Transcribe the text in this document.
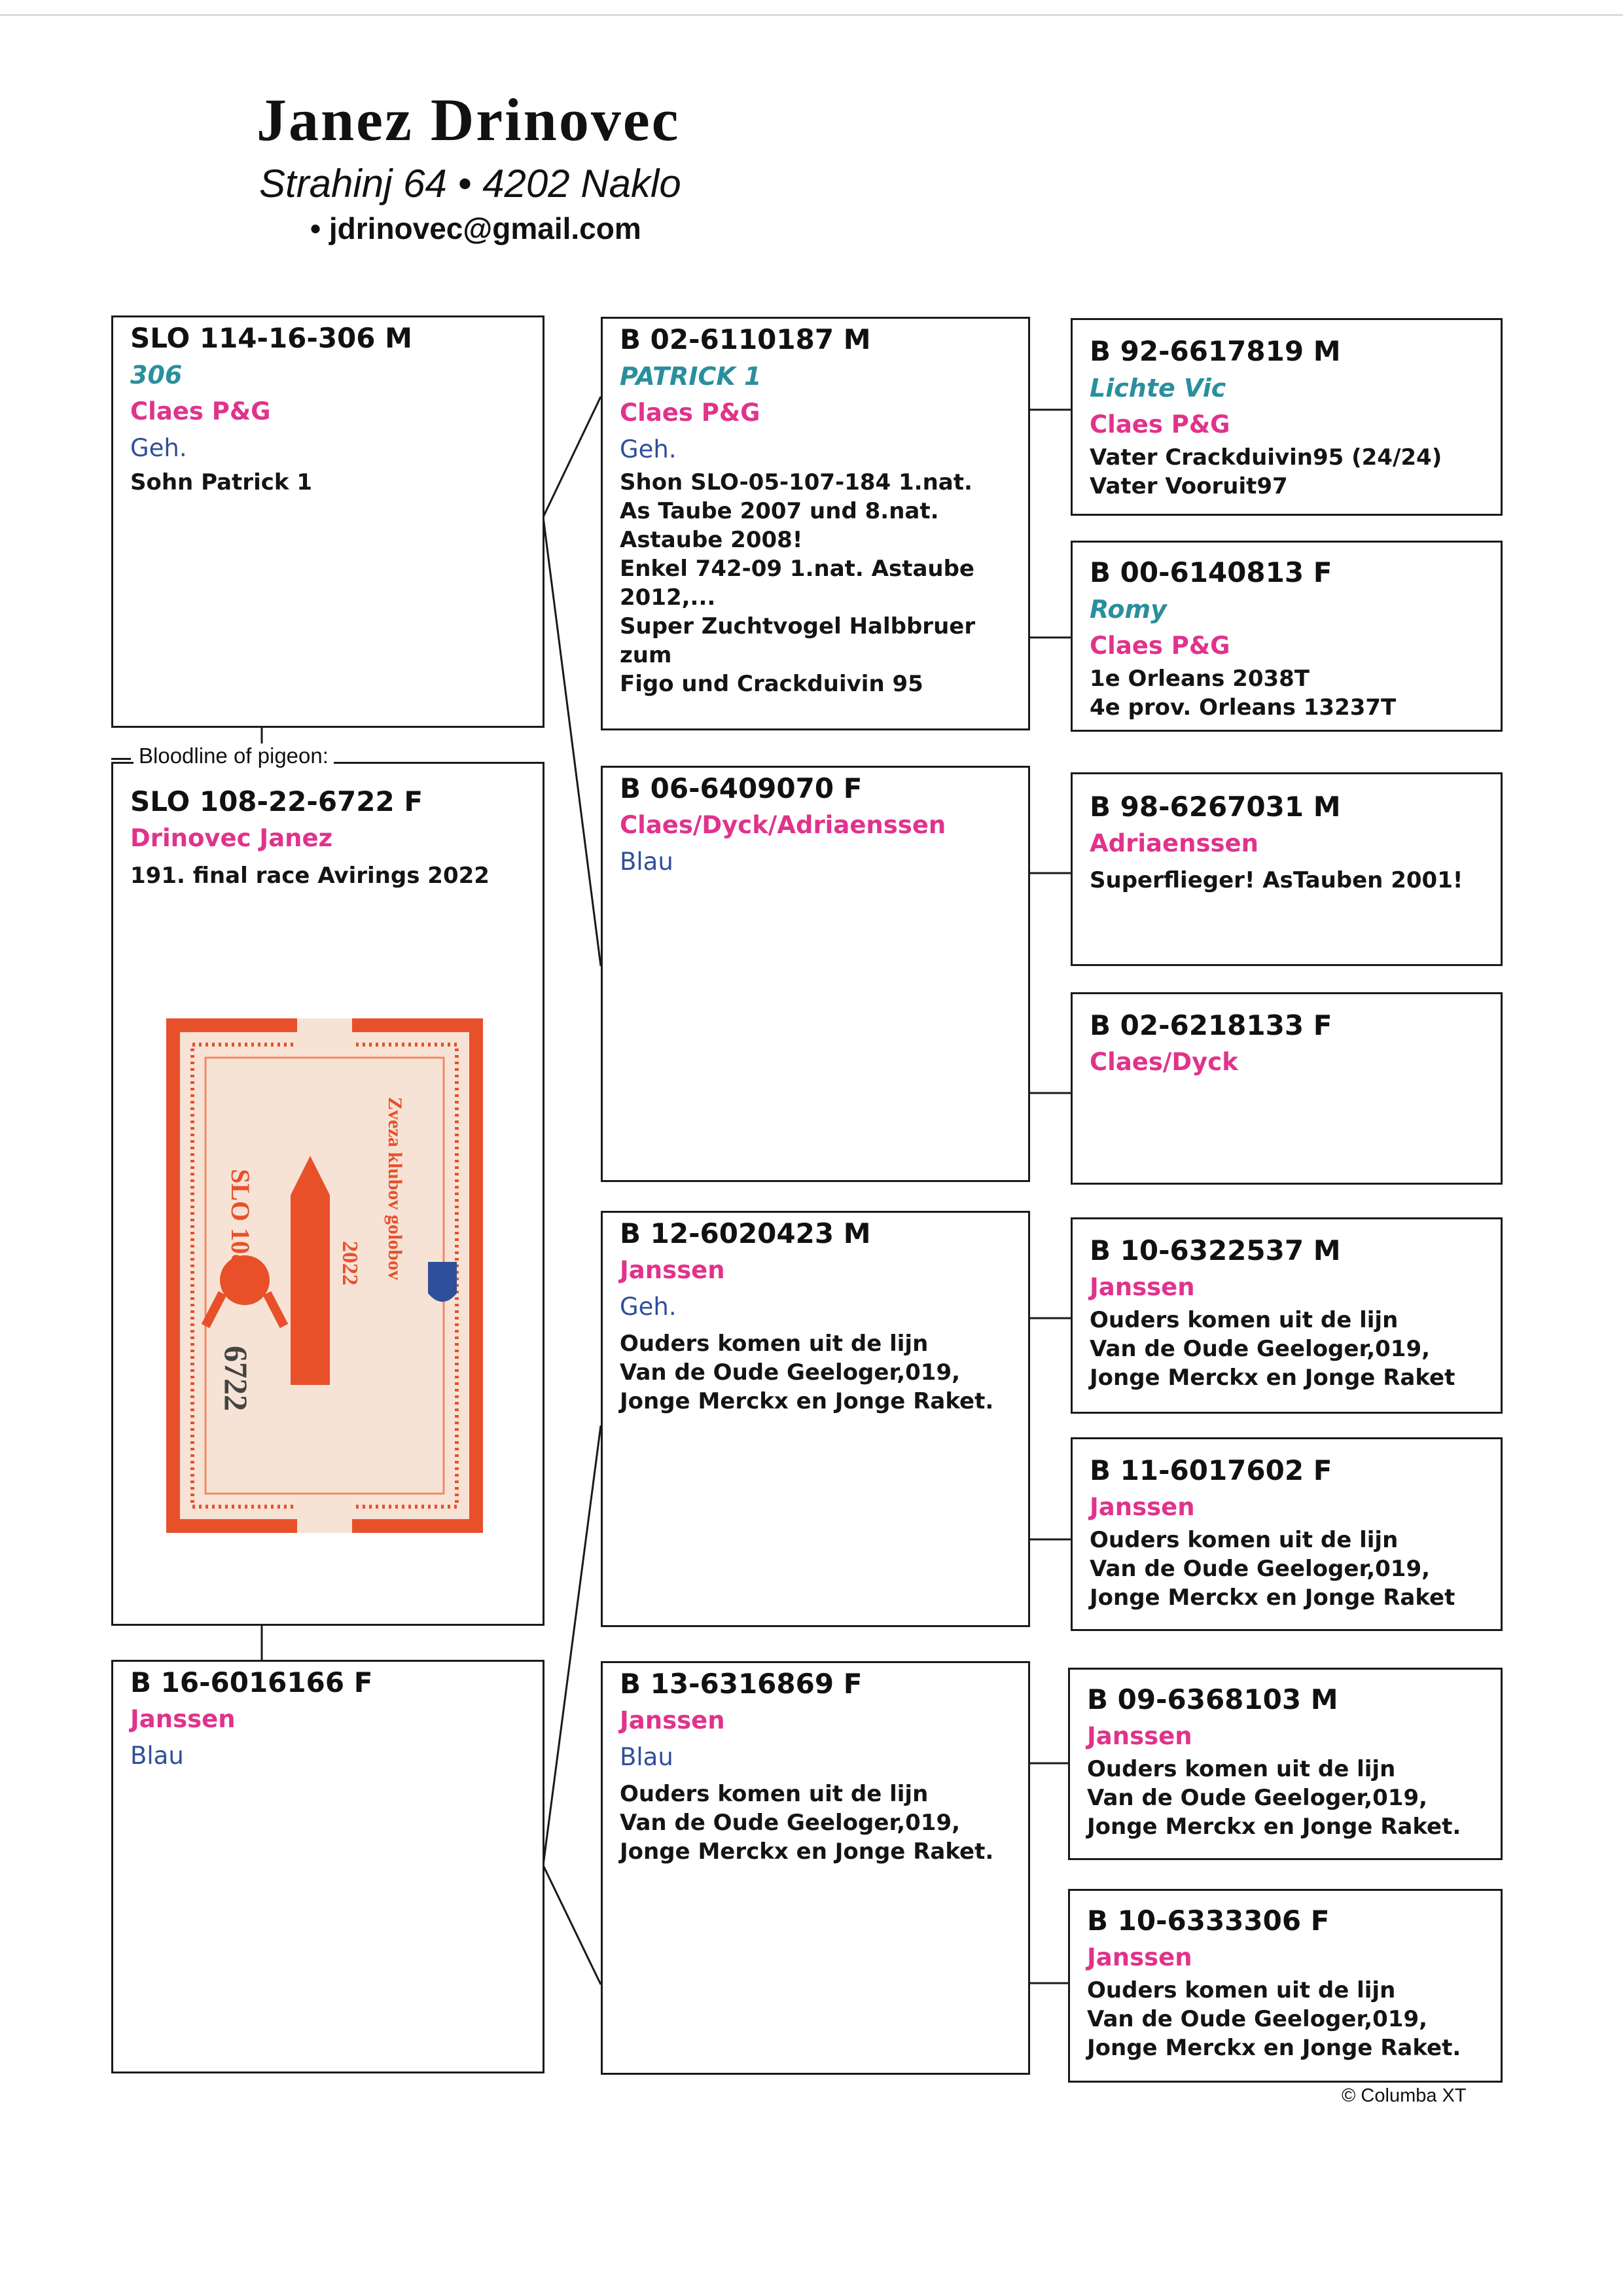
Janez Drinovec
Strahinj 64 • 4202 Naklo
• jdrinovec@gmail.com
SLO 114-16-306 M
306
Claes P&G
Geh.
Sohn Patrick 1
SLO 108-22-6722 F
Drinovec Janez
191. final race Avirings 2022
Bloodline of pigeon:
SLO 108	2022
6722
Zveza klubov golobov
B 16-6016166 F
Janssen
Blau
B 02-6110187 M
PATRICK 1
Claes P&G
Geh.
Shon SLO-05-107-184 1.nat.
As Taube 2007 und 8.nat.
Astaube 2008!
Enkel 742-09 1.nat. Astaube
2012,...
Super Zuchtvogel Halbbruer
zum
Figo und Crackduivin 95
B 06-6409070 F
Claes/Dyck/Adriaenssen
Blau
B 12-6020423 M
Janssen
Geh.
Ouders komen uit de lijn
Van de Oude Geeloger,019,
Jonge Merckx en Jonge Raket.
B 13-6316869 F
Janssen
Blau
Ouders komen uit de lijn
Van de Oude Geeloger,019,
Jonge Merckx en Jonge Raket.
B 92-6617819 M
Lichte Vic
Claes P&G
Vater Crackduivin95 (24/24)
Vater Vooruit97
B 00-6140813 F
Romy
Claes P&G
1e Orleans 2038T
4e prov. Orleans 13237T
B 98-6267031 M
Adriaenssen
Superflieger! AsTauben 2001!
B 02-6218133 F
Claes/Dyck
B 10-6322537 M
Janssen
Ouders komen uit de lijn
Van de Oude Geeloger,019,
Jonge Merckx en Jonge Raket
B 11-6017602 F
Janssen
Ouders komen uit de lijn
Van de Oude Geeloger,019,
Jonge Merckx en Jonge Raket
B 09-6368103 M
Janssen
Ouders komen uit de lijn
Van de Oude Geeloger,019,
Jonge Merckx en Jonge Raket.
B 10-6333306 F
Janssen
Ouders komen uit de lijn
Van de Oude Geeloger,019,
Jonge Merckx en Jonge Raket.
© Columba XT
